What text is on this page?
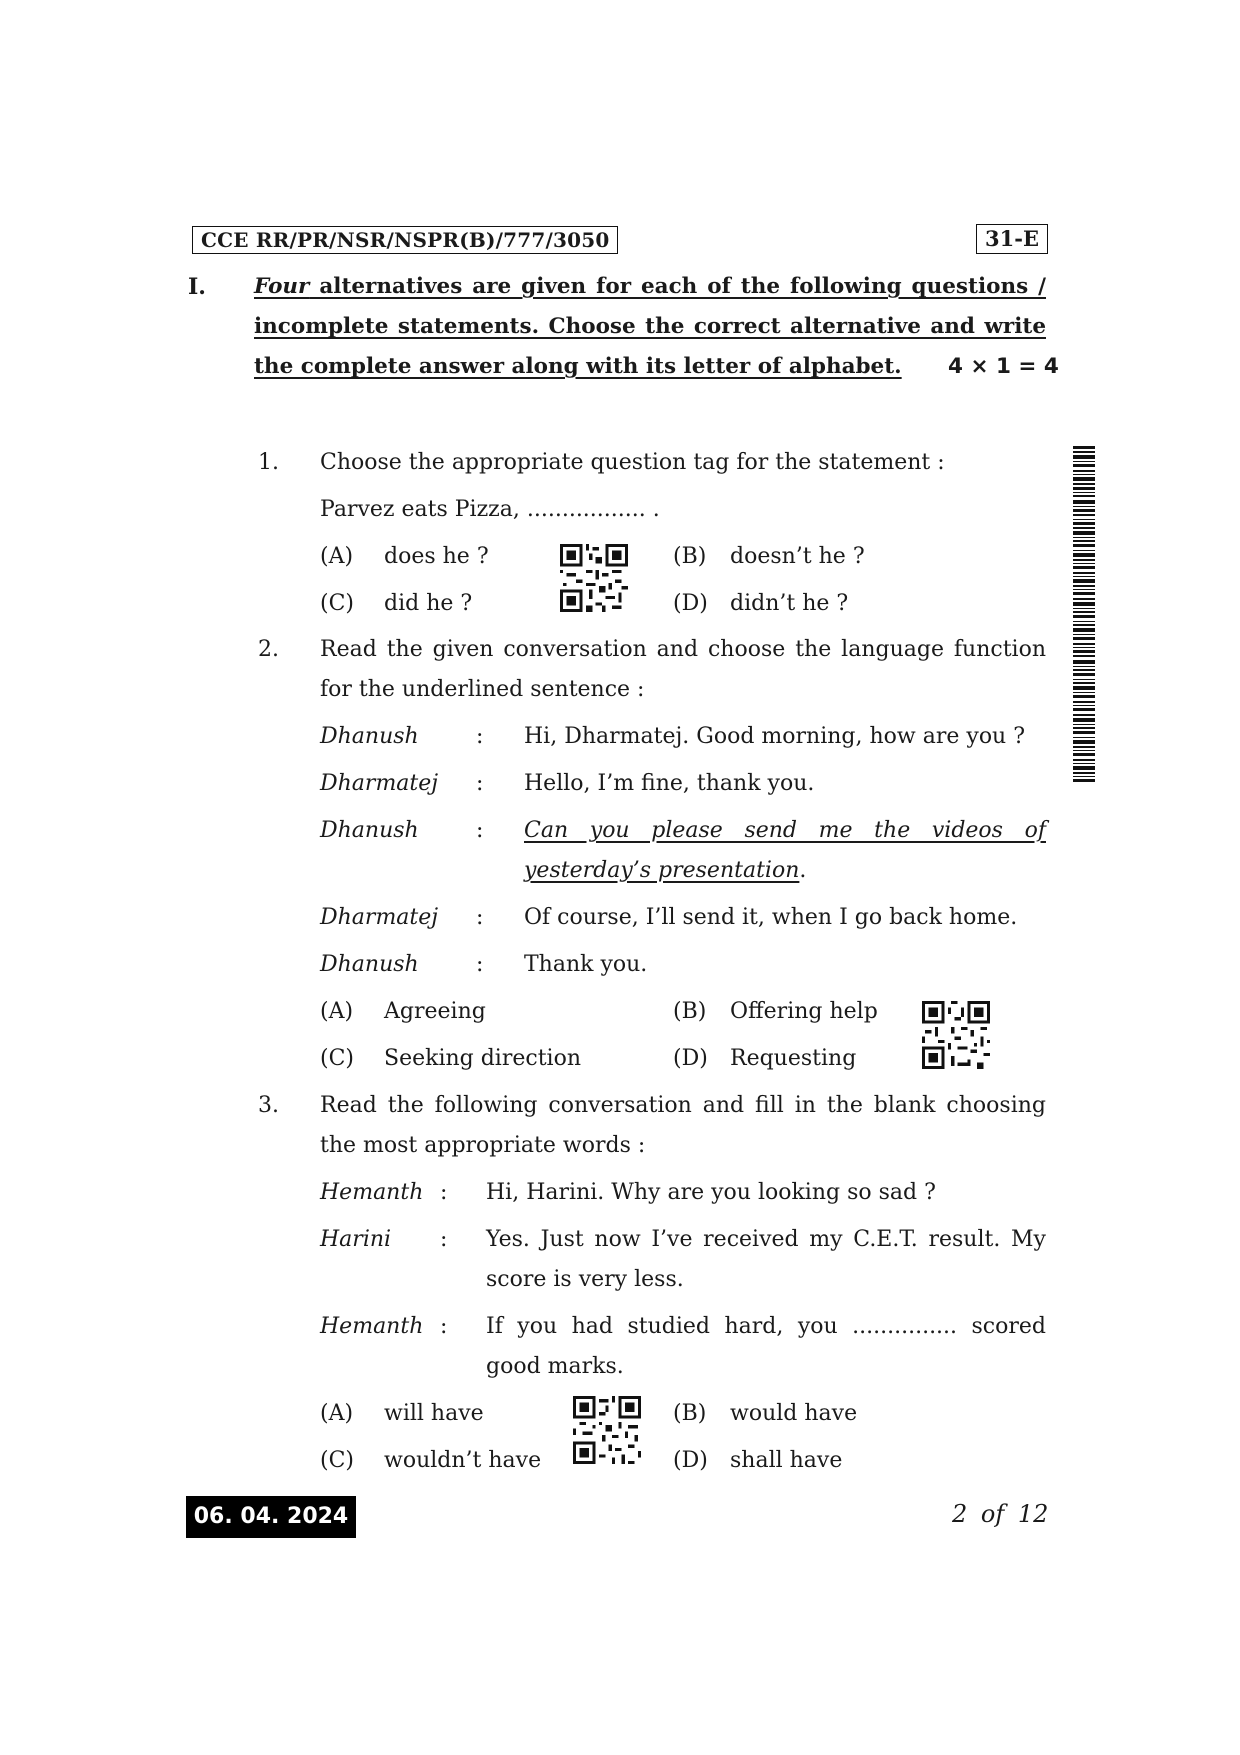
CCE RR/PR/NSR/NSPR(B)/777/3050	31-E
I. Four alternatives are given for each of the following questions /
incomplete statements. Choose the correct alternative and write
the complete answer along with its letter of alphabet. 4 × 1 = 4
1. Choose the appropriate question tag for the statement :
Parvez eats Pizza, ................. .
(A) does he ?	(B) doesn’t he ?
(C) did he ?	(D) didn’t he ?
2. Read the given conversation and choose the language function
for the underlined sentence :
Dhanush	: Hi, Dharmatej. Good morning, how are you ?
Dharmatej : Hello, I’m fine, thank you.
Dhanush	: Can you please send me the videos of
yesterday’s presentation.
Dharmatej : Of course, I’ll send it, when I go back home.
Dhanush	: Thank you.
(A) Agreeing	(B) Offering help
(C) Seeking direction	(D) Requesting
3. Read the following conversation and fill in the blank choosing
the most appropriate words :
Hemanth : Hi, Harini. Why are you looking so sad ?
Harini : Yes. Just now I’ve received my C.E.T. result. My
score is very less.
Hemanth : If you had studied hard, you ............... scored
good marks.
(A) will have	(B) would have
(C) wouldn’t have	(D) shall have
06. 04. 2024	2 of 12
